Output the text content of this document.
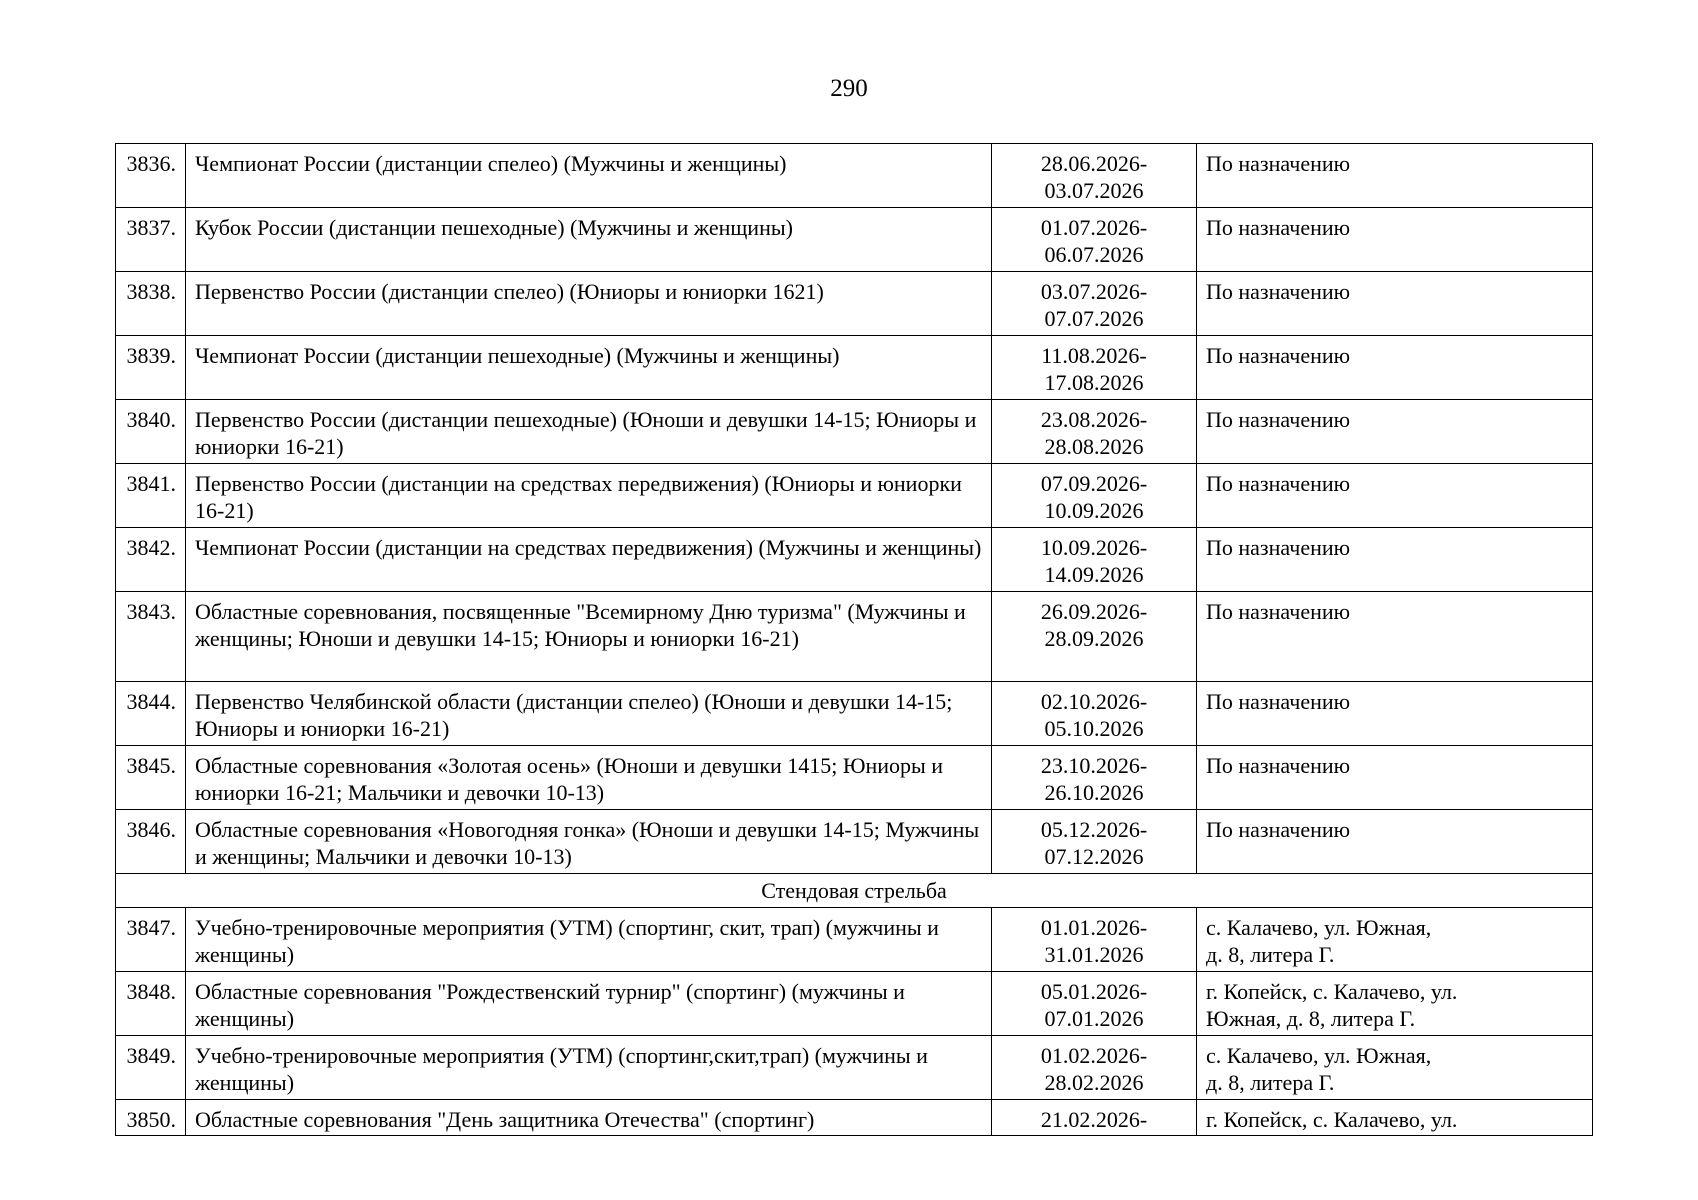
290
3836.	Чемпионат России (дистанции спелео) (Мужчины и женщины)	28.06.2026-
03.07.2026	По назначению
3837.	Кубок России (дистанции пешеходные) (Мужчины и женщины)	01.07.2026-
06.07.2026	По назначению
3838.	Первенство России (дистанции спелео) (Юниоры и юниорки 1621)	03.07.2026-
07.07.2026	По назначению
3839.	Чемпионат России (дистанции пешеходные) (Мужчины и женщины)	11.08.2026-
17.08.2026	По назначению
3840.	Первенство России (дистанции пешеходные) (Юноши и девушки 14-15; Юниоры и юниорки 16-21)	23.08.2026-
28.08.2026	По назначению
3841.	Первенство России (дистанции на средствах передвижения) (Юниоры и юниорки 16-21)	07.09.2026-
10.09.2026	По назначению
3842.	Чемпионат России (дистанции на средствах передвижения) (Мужчины и женщины)	10.09.2026-
14.09.2026	По назначению
3843.	Областные соревнования, посвященные "Всемирному Дню туризма" (Мужчины и женщины; Юноши и девушки 14-15; Юниоры и юниорки 16-21)	26.09.2026-
28.09.2026	По назначению
3844.	Первенство Челябинской области (дистанции спелео) (Юноши и девушки 14-15; Юниоры и юниорки 16-21)	02.10.2026-
05.10.2026	По назначению
3845.	Областные соревнования «Золотая осень» (Юноши и девушки 1415; Юниоры и юниорки 16-21; Мальчики и девочки 10-13)	23.10.2026-
26.10.2026	По назначению
3846.	Областные соревнования «Новогодняя гонка» (Юноши и девушки 14-15; Мужчины и женщины; Мальчики и девочки 10-13)	05.12.2026-
07.12.2026	По назначению
Стендовая стрельба			
3847.	Учебно-тренировочные мероприятия (УТМ) (спортинг, скит, трап) (мужчины и женщины)	01.01.2026-
31.01.2026	с. Калачево, ул. Южная,
д. 8, литера Г.

3848.	Областные соревнования "Рождественский турнир" (спортинг) (мужчины и женщины)	05.01.2026-
07.01.2026	г. Копейск, с. Калачево, ул.
Южная, д. 8, литера Г.

3849.	Учебно-тренировочные мероприятия (УТМ) (спортинг,скит,трап) (мужчины и женщины)	01.02.2026-
28.02.2026	с. Калачево, ул. Южная,
д. 8, литера Г.

3850.	Областные соревнования "День защитника Отечества" (спортинг)	21.02.2026-	г. Копейск, с. Калачево, ул.
